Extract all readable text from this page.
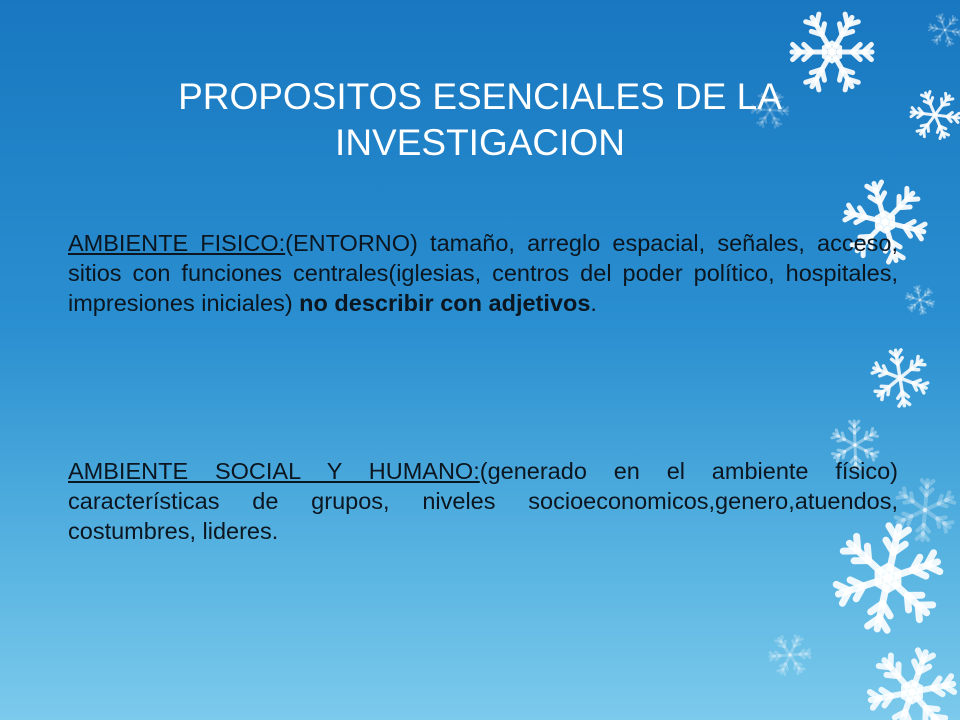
PROPOSITOS ESENCIALES DE LA
INVESTIGACION
AMBIENTE FISICO:(ENTORNO) tamaño, arreglo espacial, señales, acceso, sitios con funciones centrales(iglesias, centros del poder político, hospitales, impresiones iniciales) no describir con adjetivos.
AMBIENTE SOCIAL Y HUMANO:(generado en el ambiente físico) características de grupos, niveles socioeconomicos,genero,atuendos, costumbres, lideres.
